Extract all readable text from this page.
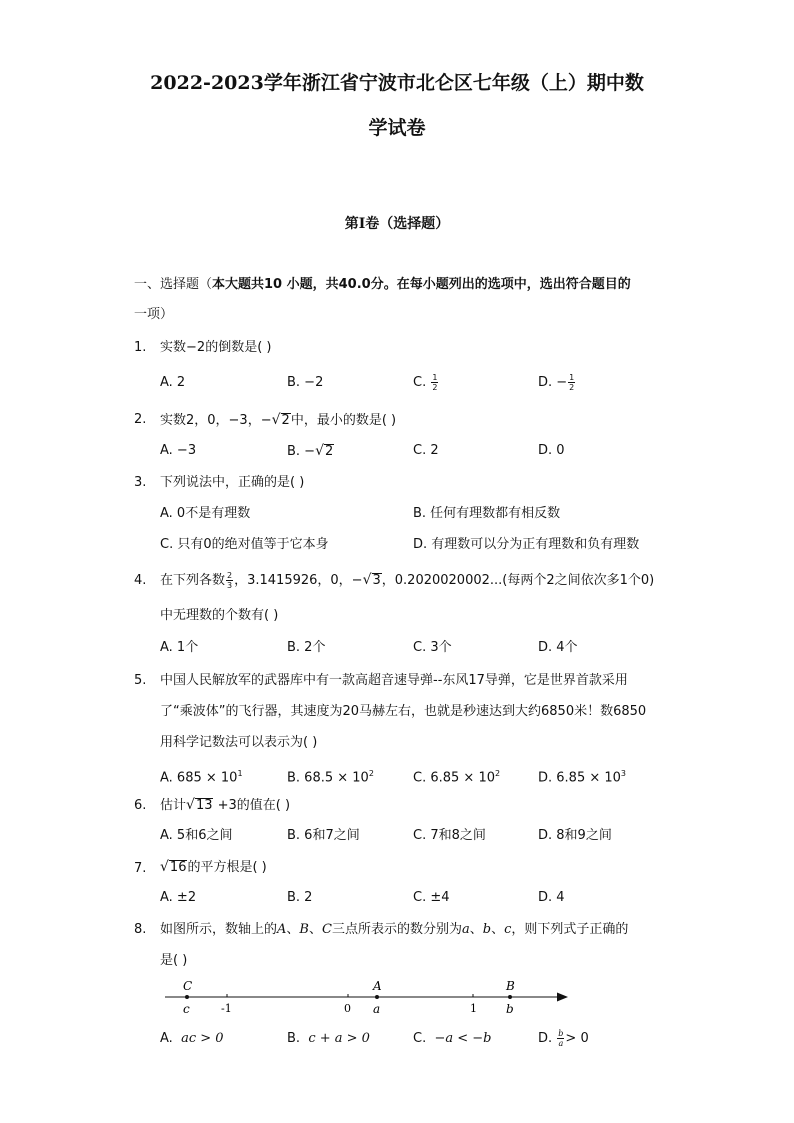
2022-2023学年浙江省宁波市北仑区七年级（上）期中数
学试卷
第I卷（选择题）
一、选择题（本大题共10 小题，共40.0分。在每小题列出的选项中，选出符合题目的
一项）
1. 实数−2的倒数是( )
A. 2	B. −2	C. $\frac{1}{2}$	D. − $\frac{1}{2}$
2. 实数2，0，−3，−√2中，最小的数是( )
A. −3	B. −√2	C. 2	D. 0
3. 下列说法中，正确的是( )
A. 0不是有理数	B. 任何有理数都有相反数
C. 只有0的绝对值等于它本身	D. 有理数可以分为正有理数和负有理数
4. 在下列各数 $\frac{2}{3}$ ，3.1415926，0，−√3，0.2020020002...(每两个2之间依次多1个0)
中无理数的个数有( )
A. 1个	B. 2个	C. 3个	D. 4个
5. 中国人民解放军的武器库中有一款高超音速导弹--东风17导弹，它是世界首款采用
了“乘波体”的飞行器，其速度为20马赫左右，也就是秒速达到大约6850米！数6850
用科学记数法可以表示为( )
A. $685 \times 10^1$	B. $68.5 \times 10^2$	C. $6.85 \times 10^2$	D. $6.85 \times 10^3$
6. 估计√13 +3的值在( )
A. 5和6之间	B. 6和7之间	C. 7和8之间	D. 8和9之间
7. √16的平方根是( )
A. ±2	B. 2	C. ±4	D. 4
8. 如图所示，数轴上的A、B、C三点所表示的数分别为a、b、c，则下列式子正确的
是( )
C
c
A
a
B
b
-1	0	1
A. ac > 0	B. c + a > 0	C. −a < −b	D. $\frac{b}{a} > 0$
